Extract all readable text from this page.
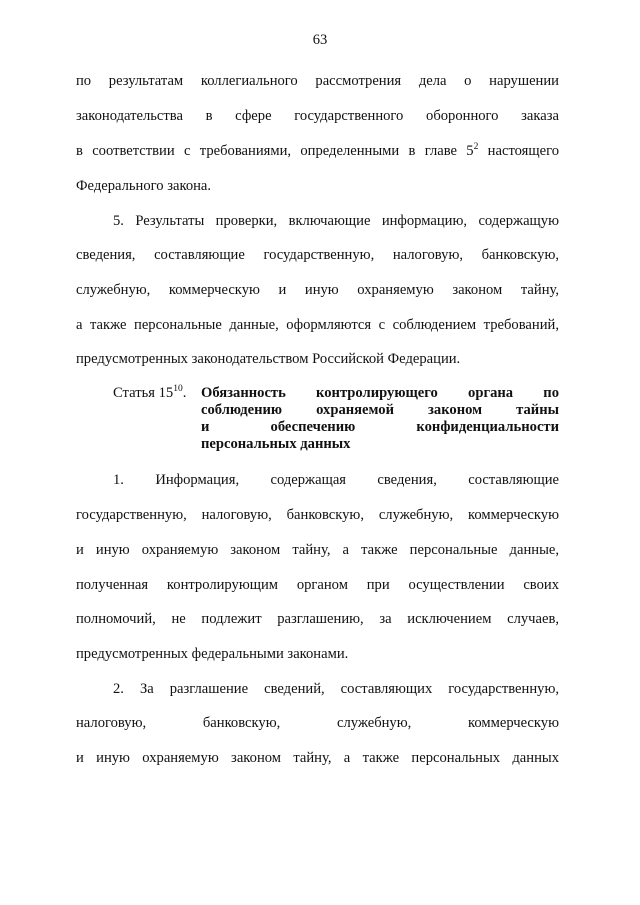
63
по результатам коллегиального рассмотрения дела о нарушении
законодательства в сфере государственного оборонного заказа
в соответствии с требованиями, определенными в главе $5^2$ настоящего
Федерального закона.
5. Результаты проверки, включающие информацию, содержащую
сведения, составляющие государственную, налоговую, банковскую,
служебную, коммерческую и иную охраняемую законом тайну,
а также персональные данные, оформляются с соблюдением требований,
предусмотренных законодательством Российской Федерации.
Статья $15^{10}$. Обязанность контролирующего органа по
соблюдению охраняемой законом тайны
и обеспечению конфиденциальности
персональных данных
1. Информация, содержащая сведения, составляющие
государственную, налоговую, банковскую, служебную, коммерческую
и иную охраняемую законом тайну, а также персональные данные,
полученная контролирующим органом при осуществлении своих
полномочий, не подлежит разглашению, за исключением случаев,
предусмотренных федеральными законами.
2. За разглашение сведений, составляющих государственную,
налоговую, банковскую, служебную, коммерческую
и иную охраняемую законом тайну, а также персональных данных
